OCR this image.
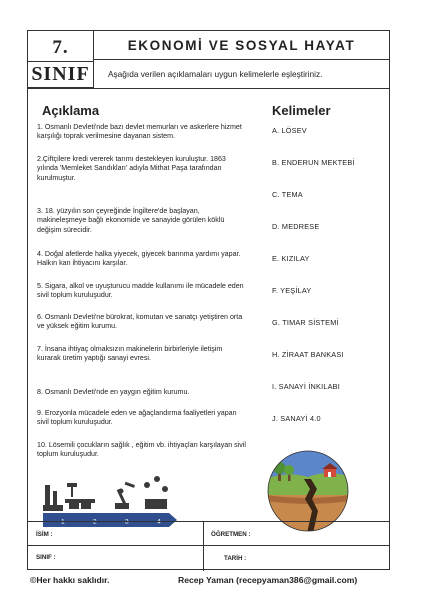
7.
SINIF
EKONOMİ VE SOSYAL HAYAT
Aşağıda verilen açıklamaları uygun kelimelerle eşleştiriniz.
Açıklama	Kelimeler
1. Osmanlı Devleti'nde bazı devlet memurları ve askerlere hizmet karşılığı toprak verilmesine dayanan sistem.
2.Çiftçilere kredi vererek tarımı destekleyen kuruluştur. 1863 yılında 'Memleket Sandıkları' adıyla Mithat Paşa tarafından kurulmuştur.
3. 18. yüzyılın son çeyreğinde İngiltere'de başlayan, makineleşmeye bağlı ekonomide ve sanayide görülen köklü değişim sürecidir.
4. Doğal afetlerde halka yiyecek, giyecek barınma yardımı yapar. Halkın kan ihtiyacını karşılar.
5. Sigara, alkol ve uyuşturucu madde kullanımı ile mücadele eden sivil toplum kuruluşudur.
6. Osmanlı Devleti'ne bürokrat, komutan ve sanatçı yetiştiren orta ve yüksek eğitim kurumu.
7. İnsana ihtiyaç olmaksızın makinelerin birbirleriyle iletişim kurarak üretim yaptığı sanayi evresi.
8. Osmanlı Devleti'nde en yaygın eğitim kurumu.
9. Erozyonla mücadele eden ve ağaçlandırma faaliyetleri yapan sivil toplum kuruluşudur.
10. Lösemili çocukların sağlık , eğitim vb. ihtiyaçları karşılayan sivil toplum kuruluşudur.
A. LÖSEV
B. ENDERUN MEKTEBİ
C. TEMA
D. MEDRESE
E. KIZILAY
F. YEŞİLAY
G. TIMAR SİSTEMİ
H. ZİRAAT BANKASI
I. SANAYİ İNKILABI
J. SANAYİ 4.0
İSİM :	ÖĞRETMEN :
SINIF :	TARİH :
©Her hakkı saklıdır.	Recep Yaman (recepyaman386@gmail.com)
